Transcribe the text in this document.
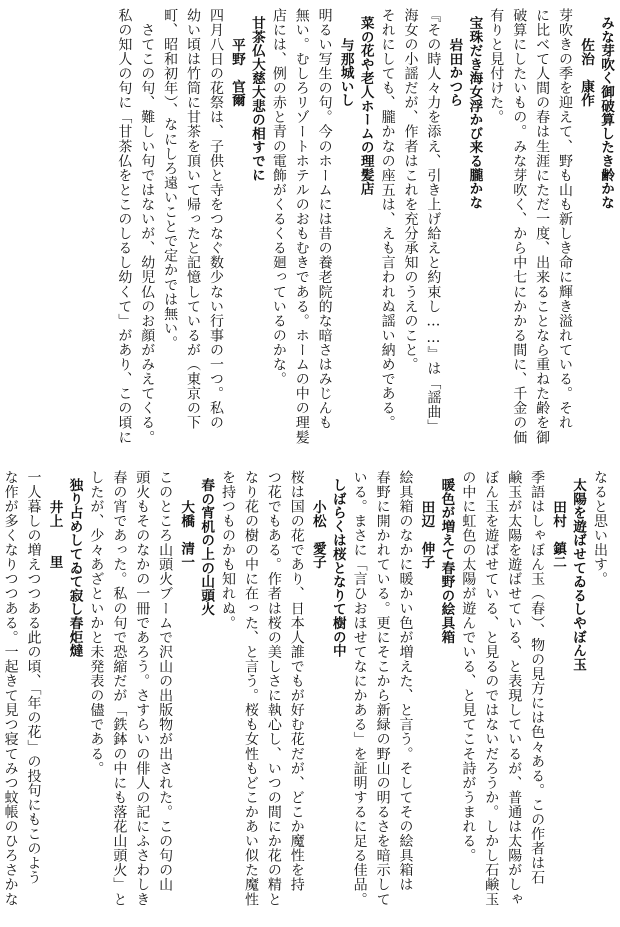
みな芽吹く御破算したき齢かな
佐治　康作
芽吹きの季を迎えて、野も山も新しき命に輝き溢れている。それ
に比べて人間の春は生涯にただ一度、出来ることなら重ねた齢を御
破算にしたいもの。みな芽吹く、から中七にかかる間に、千金の価
有りと見付けた。
宝珠だき海女浮かび来る朧かな
岩田かつら
『その時人々力を添え、引き上げ給えと約束し……』は「謡曲」
海女の小謡だが、作者はこれを充分承知のうえのこと。
それにしても、朧かなの座五は、えも言われぬ謡い納めである。
菜の花や老人ホームの理髪店
与那城いし
明るい写生の句。今のホームには昔の養老院的な暗さはみじんも
無い。むしろリゾートホテルのおもむきである。ホームの中の理髪
店には、例の赤と青の電飾がくるくる廻っているのかな。
甘茶仏大慈大悲の相すでに
平野　官爾
四月八日の花祭は、子供と寺をつなぐ数少ない行事の一つ。私の
幼い頃は竹筒に甘茶を頂いて帰ったと記憶しているが（東京の下
町、昭和初年）、なにしろ遠いことで定かでは無い。
　さてこの句、難しい句ではないが、幼児仏のお顔がみえてくる。
私の知人の句に「甘茶仏をとこのしるし幼くて」があり、この頃に
なると思い出す。
太陽を遊ばせてゐるしやぼん玉
田村　鎮二
季語はしゃぼん玉（春）、物の見方には色々ある。この作者は石
鹸玉が太陽を遊ばせている、と表現しているが、普通は太陽がしゃ
ぼん玉を遊ばせている、と見るのではないだろうか。しかし石鹸玉
の中に虹色の太陽が遊んでいる、と見てこそ詩がうまれる。
暖色が増えて春野の絵具箱
田辺　伸子
絵具箱のなかに暖かい色が増えた、と言う。そしてその絵具箱は
春野に開かれている。更にそこから新緑の野山の明るさを暗示して
いる。まさに「言ひおほせてなにかある」を証明するに足る佳品。
しばらくは桜となりて樹の中
小松　愛子
桜は国の花であり、日本人誰でもが好む花だが、どこか魔性を持
つ花でもある。作者は桜の美しさに執心し、いつの間にか花の精と
なり花の樹の中に在った、と言う。桜も女性もどこかあい似た魔性
を持つものかも知れぬ。
春の宵机の上の山頭火
大橋　清一
このところ山頭火ブームで沢山の出版物が出された。この句の山
頭火もそのなかの一冊であろう。さすらいの俳人の記にふさわしき
春の宵であった。私の句で恐縮だが「鉄鉢の中にも落花山頭火」と
したが、少々あざといかと未発表の儘である。
独り占めしてゐて寂し春炬燵
井上　　里
一人暮しの増えつつある此の頃、「年の花」の投句にもこのよう
な作が多くなりつつある。一起きて見つ寝てみつ蚊帳のひろさかな
